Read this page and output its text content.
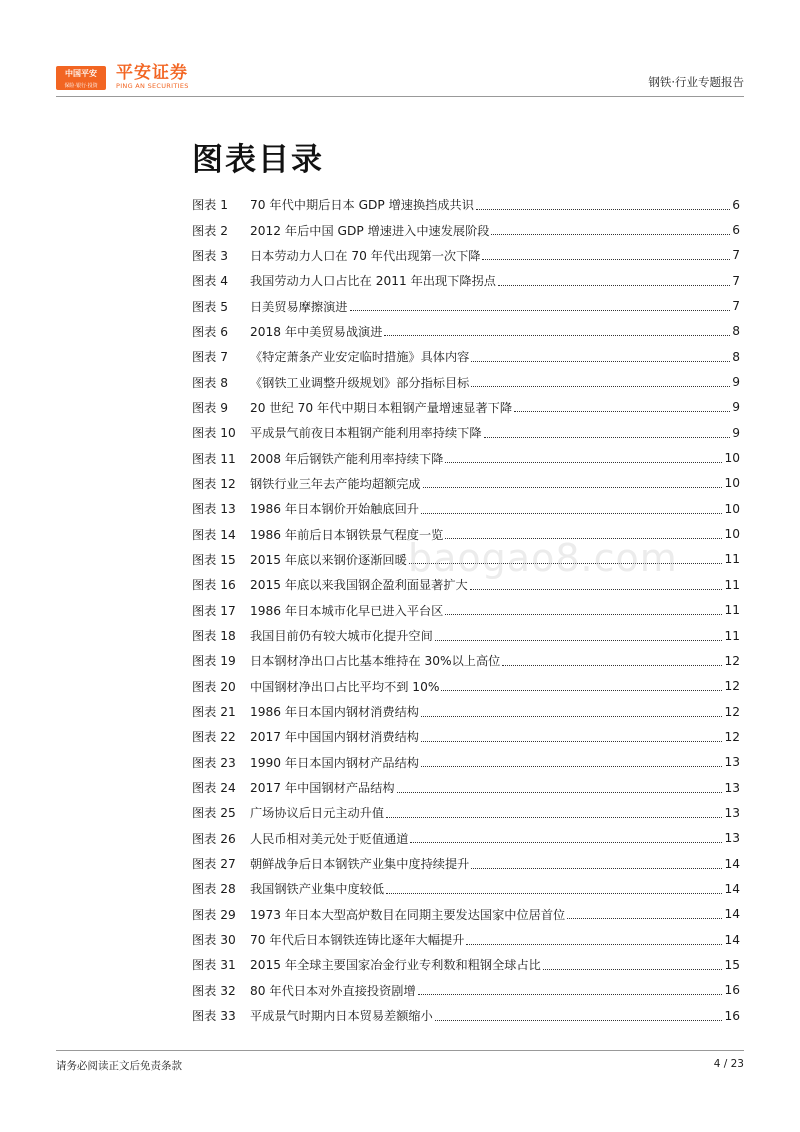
中国平安
保险·银行·投资
平安证券
PING AN SECURITIES	钢铁·行业专题报告
图表目录
图表 1	70 年代中期后日本 GDP 增速换挡成共识	6
图表 2	2012 年后中国 GDP 增速进入中速发展阶段	6
图表 3	日本劳动力人口在 70 年代出现第一次下降	7
图表 4	我国劳动力人口占比在 2011 年出现下降拐点	7
图表 5	日美贸易摩擦演进	7
图表 6	2018 年中美贸易战演进	8
图表 7	《特定萧条产业安定临时措施》具体内容	8
图表 8	《钢铁工业调整升级规划》部分指标目标	9
图表 9	20 世纪 70 年代中期日本粗钢产量增速显著下降	9
图表 10	平成景气前夜日本粗钢产能利用率持续下降	9
图表 11	2008 年后钢铁产能利用率持续下降	10
图表 12	钢铁行业三年去产能均超额完成	10
图表 13	1986 年日本钢价开始触底回升	10
图表 14	1986 年前后日本钢铁景气程度一览	10
图表 15	2015 年底以来钢价逐渐回暖	11
图表 16	2015 年底以来我国钢企盈利面显著扩大	11
图表 17	1986 年日本城市化早已进入平台区	11
图表 18	我国目前仍有较大城市化提升空间	11
图表 19	日本钢材净出口占比基本维持在 30%以上高位	12
图表 20	中国钢材净出口占比平均不到 10%	12
图表 21	1986 年日本国内钢材消费结构	12
图表 22	2017 年中国国内钢材消费结构	12
图表 23	1990 年日本国内钢材产品结构	13
图表 24	2017 年中国钢材产品结构	13
图表 25	广场协议后日元主动升值	13
图表 26	人民币相对美元处于贬值通道	13
图表 27	朝鲜战争后日本钢铁产业集中度持续提升	14
图表 28	我国钢铁产业集中度较低	14
图表 29	1973 年日本大型高炉数目在同期主要发达国家中位居首位	14
图表 30	70 年代后日本钢铁连铸比逐年大幅提升	14
图表 31	2015 年全球主要国家冶金行业专利数和粗钢全球占比	15
图表 32	80 年代日本对外直接投资剧增	16
图表 33	平成景气时期内日本贸易差额缩小	16
baogao8.com
请务必阅读正文后免责条款	4 / 23
